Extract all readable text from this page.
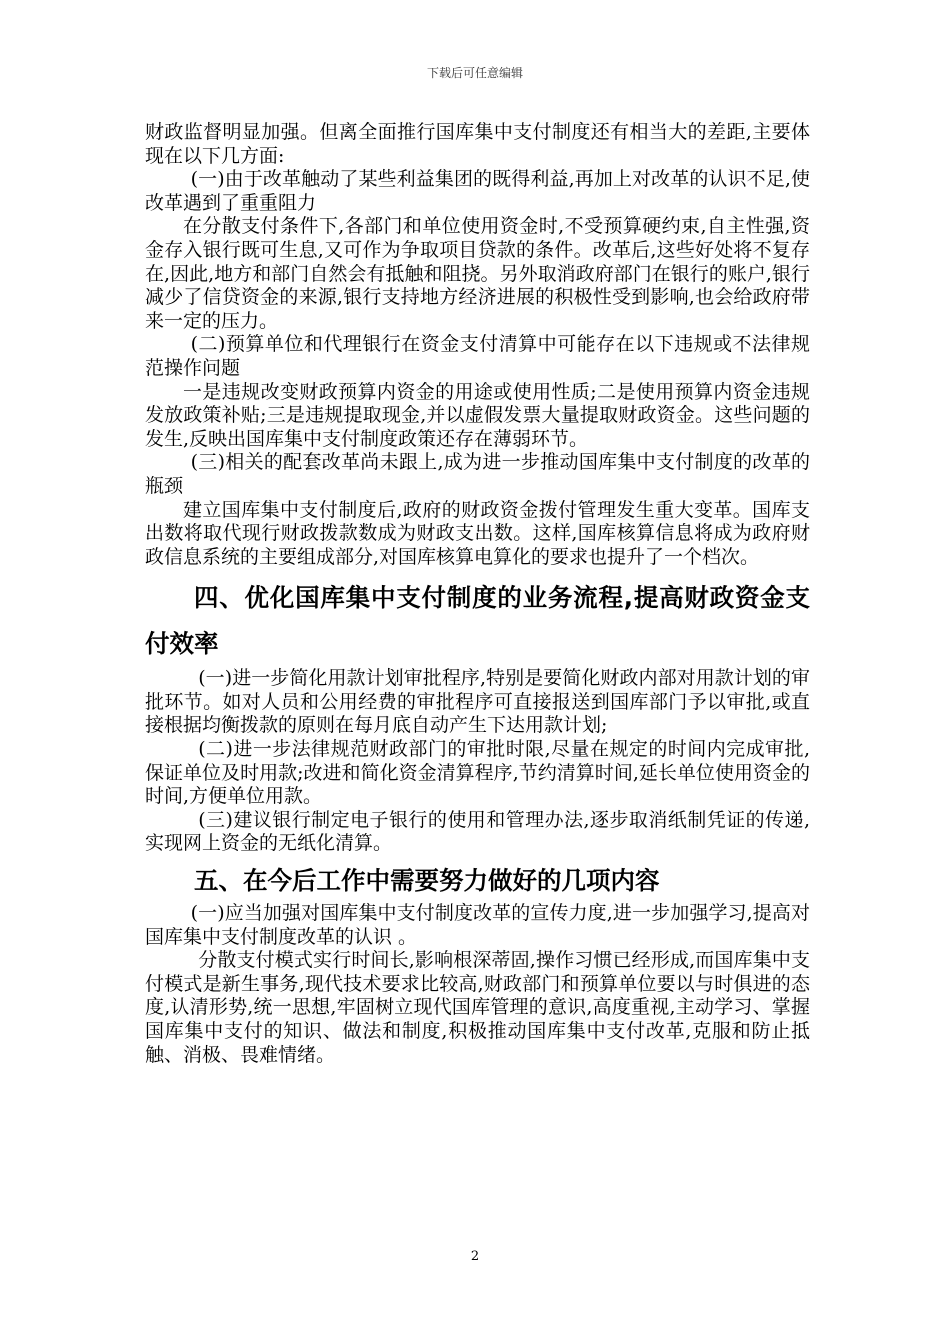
下载后可任意编辑

财政监督明显加强。但离全面推行国库集中支付制度还有相当大的差距,主要体现在以下几方面:

(一)由于改革触动了某些利益集团的既得利益,再加上对改革的认识不足,使改革遇到了重重阻力

在分散支付条件下,各部门和单位使用资金时,不受预算硬约束,自主性强,资金存入银行既可生息,又可作为争取项目贷款的条件。改革后,这些好处将不复存在,因此,地方和部门自然会有抵触和阻挠。另外取消政府部门在银行的账户,银行减少了信贷资金的来源,银行支持地方经济进展的积极性受到影响,也会给政府带来一定的压力。

(二)预算单位和代理银行在资金支付清算中可能存在以下违规或不法律规范操作问题

一是违规改变财政预算内资金的用途或使用性质;二是使用预算内资金违规发放政策补贴;三是违规提取现金,并以虚假发票大量提取财政资金。这些问题的发生,反映出国库集中支付制度政策还存在薄弱环节。

(三)相关的配套改革尚未跟上,成为进一步推动国库集中支付制度的改革的瓶颈

建立国库集中支付制度后,政府的财政资金拨付管理发生重大变革。国库支出数将取代现行财政拨款数成为财政支出数。这样,国库核算信息将成为政府财政信息系统的主要组成部分,对国库核算电算化的要求也提升了一个档次。

四、优化国库集中支付制度的业务流程,提高财政资金支付效率

(一)进一步简化用款计划审批程序,特别是要简化财政内部对用款计划的审批环节。如对人员和公用经费的审批程序可直接报送到国库部门予以审批,或直接根据均衡拨款的原则在每月底自动产生下达用款计划;

(二)进一步法律规范财政部门的审批时限,尽量在规定的时间内完成审批,保证单位及时用款;改进和简化资金清算程序,节约清算时间,延长单位使用资金的时间,方便单位用款。

(三)建议银行制定电子银行的使用和管理办法,逐步取消纸制凭证的传递,实现网上资金的无纸化清算。

五、在今后工作中需要努力做好的几项内容

(一)应当加强对国库集中支付制度改革的宣传力度,进一步加强学习,提高对国库集中支付制度改革的认识 。

分散支付模式实行时间长,影响根深蒂固,操作习惯已经形成,而国库集中支付模式是新生事务,现代技术要求比较高,财政部门和预算单位要以与时俱进的态度,认清形势,统一思想,牢固树立现代国库管理的意识,高度重视,主动学习、掌握国库集中支付的知识、做法和制度,积极推动国库集中支付改革,克服和防止抵触、消极、畏难情绪。

2
